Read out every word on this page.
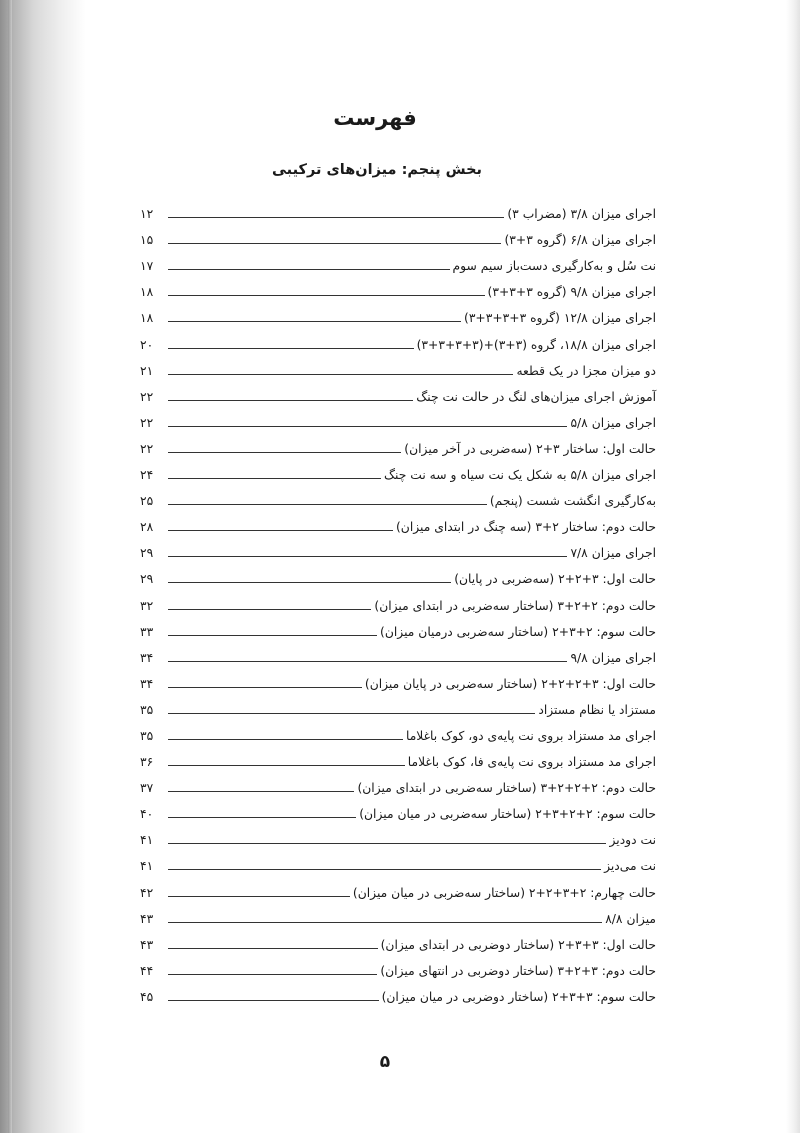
فهرست
بخش پنجم: میزان‌های ترکیبی
اجرای میزان ۳/۸ (مضراب ۳)
۱۲
اجرای میزان ۶/۸ (گروه ۳+۳)
۱۵
نت سُل و به‌کارگیری دست‌باز سیم سوم
۱۷
اجرای میزان ۹/۸ (گروه ۳+۳+۳)
۱۸
اجرای میزان ۱۲/۸ (گروه ۳+۳+۳+۳)
۱۸
اجرای میزان ۱۸/۸، گروه (۳+۳)+(۳+۳+۳+۳)
۲۰
دو میزان مجزا در یک قطعه
۲۱
آموزش اجرای میزان‌های لنگ در حالت نت چنگ
۲۲
اجرای میزان ۵/۸
۲۲
حالت اول: ساختار ۳+۲ (سه‌ضربی در آخر میزان)
۲۲
اجرای میزان ۵/۸ به شکل یک نت سیاه و سه نت چنگ
۲۴
به‌کارگیری انگشت شست (پنجم)
۲۵
حالت دوم: ساختار ۲+۳ (سه چنگ در ابتدای میزان)
۲۸
اجرای میزان ۷/۸
۲۹
حالت اول: ۳+۲+۲ (سه‌ضربی در پایان)
۲۹
حالت دوم: ۲+۲+۳ (ساختار سه‌ضربی در ابتدای میزان)
۳۲
حالت سوم: ۲+۳+۲ (ساختار سه‌ضربی درمیان میزان)
۳۳
اجرای میزان ۹/۸
۳۴
حالت اول: ۳+۲+۲+۲ (ساختار سه‌ضربی در پایان میزان)
۳۴
مستزاد یا نظام مستزاد
۳۵
اجرای مد مستزاد بروی نت پایه‌ی دو، کوک باغلاما
۳۵
اجرای مد مستزاد بروی نت پایه‌ی فا، کوک باغلاما
۳۶
حالت دوم: ۲+۲+۲+۳ (ساختار سه‌ضربی در ابتدای میزان)
۳۷
حالت سوم: ۲+۲+۳+۲ (ساختار سه‌ضربی در میان میزان)
۴۰
نت دودیز
۴۱
نت می‌دیز
۴۱
حالت چهارم: ۲+۳+۲+۲ (ساختار سه‌ضربی در میان میزان)
۴۲
میزان ۸/۸
۴۳
حالت اول: ۳+۳+۲ (ساختار دوضربی در ابتدای میزان)
۴۳
حالت دوم: ۳+۲+۳ (ساختار دوضربی در انتهای میزان)
۴۴
حالت سوم: ۳+۳+۲ (ساختار دوضربی در میان میزان)
۴۵
۵
